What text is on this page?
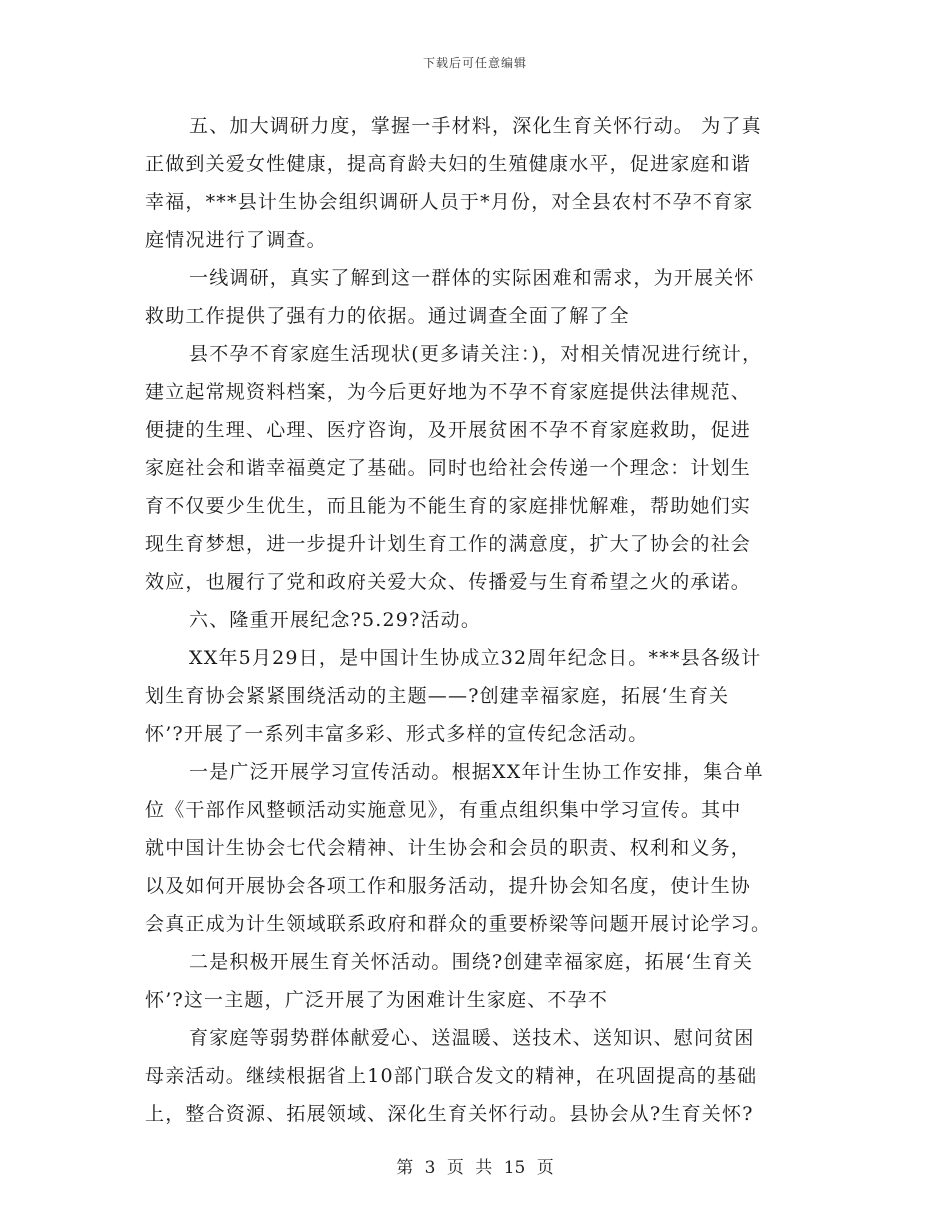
下载后可任意编辑
五、加大调研力度，掌握一手材料，深化生育关怀行动。 为了真
正做到关爱女性健康，提高育龄夫妇的生殖健康水平，促进家庭和谐
幸福，***县计生协会组织调研人员于*月份，对全县农村不孕不育家
庭情况进行了调查。
一线调研，真实了解到这一群体的实际困难和需求，为开展关怀
救助工作提供了强有力的依据。通过调查全面了解了全
县不孕不育家庭生活现状(更多请关注：)，对相关情况进行统计，
建立起常规资料档案，为今后更好地为不孕不育家庭提供法律规范、
便捷的生理、心理、医疗咨询，及开展贫困不孕不育家庭救助，促进
家庭社会和谐幸福奠定了基础。同时也给社会传递一个理念：计划生
育不仅要少生优生，而且能为不能生育的家庭排忧解难，帮助她们实
现生育梦想，进一步提升计划生育工作的满意度，扩大了协会的社会
效应，也履行了党和政府关爱大众、传播爱与生育希望之火的承诺。
六、隆重开展纪念?5.29?活动。
XX年5月29日，是中国计生协成立32周年纪念日。***县各级计
划生育协会紧紧围绕活动的主题——?创建幸福家庭，拓展‘生育关
怀’?开展了一系列丰富多彩、形式多样的宣传纪念活动。
一是广泛开展学习宣传活动。根据XX年计生协工作安排，集合单
位《干部作风整顿活动实施意见》，有重点组织集中学习宣传。其中
就中国计生协会七代会精神、计生协会和会员的职责、权利和义务，
以及如何开展协会各项工作和服务活动，提升协会知名度，使计生协
会真正成为计生领域联系政府和群众的重要桥梁等问题开展讨论学习。
二是积极开展生育关怀活动。围绕?创建幸福家庭，拓展‘生育关
怀’?这一主题，广泛开展了为困难计生家庭、不孕不
育家庭等弱势群体献爱心、送温暖、送技术、送知识、慰问贫困
母亲活动。继续根据省上10部门联合发文的精神，在巩固提高的基础
上，整合资源、拓展领域、深化生育关怀行动。县协会从?生育关怀?
第 3 页 共 15 页
